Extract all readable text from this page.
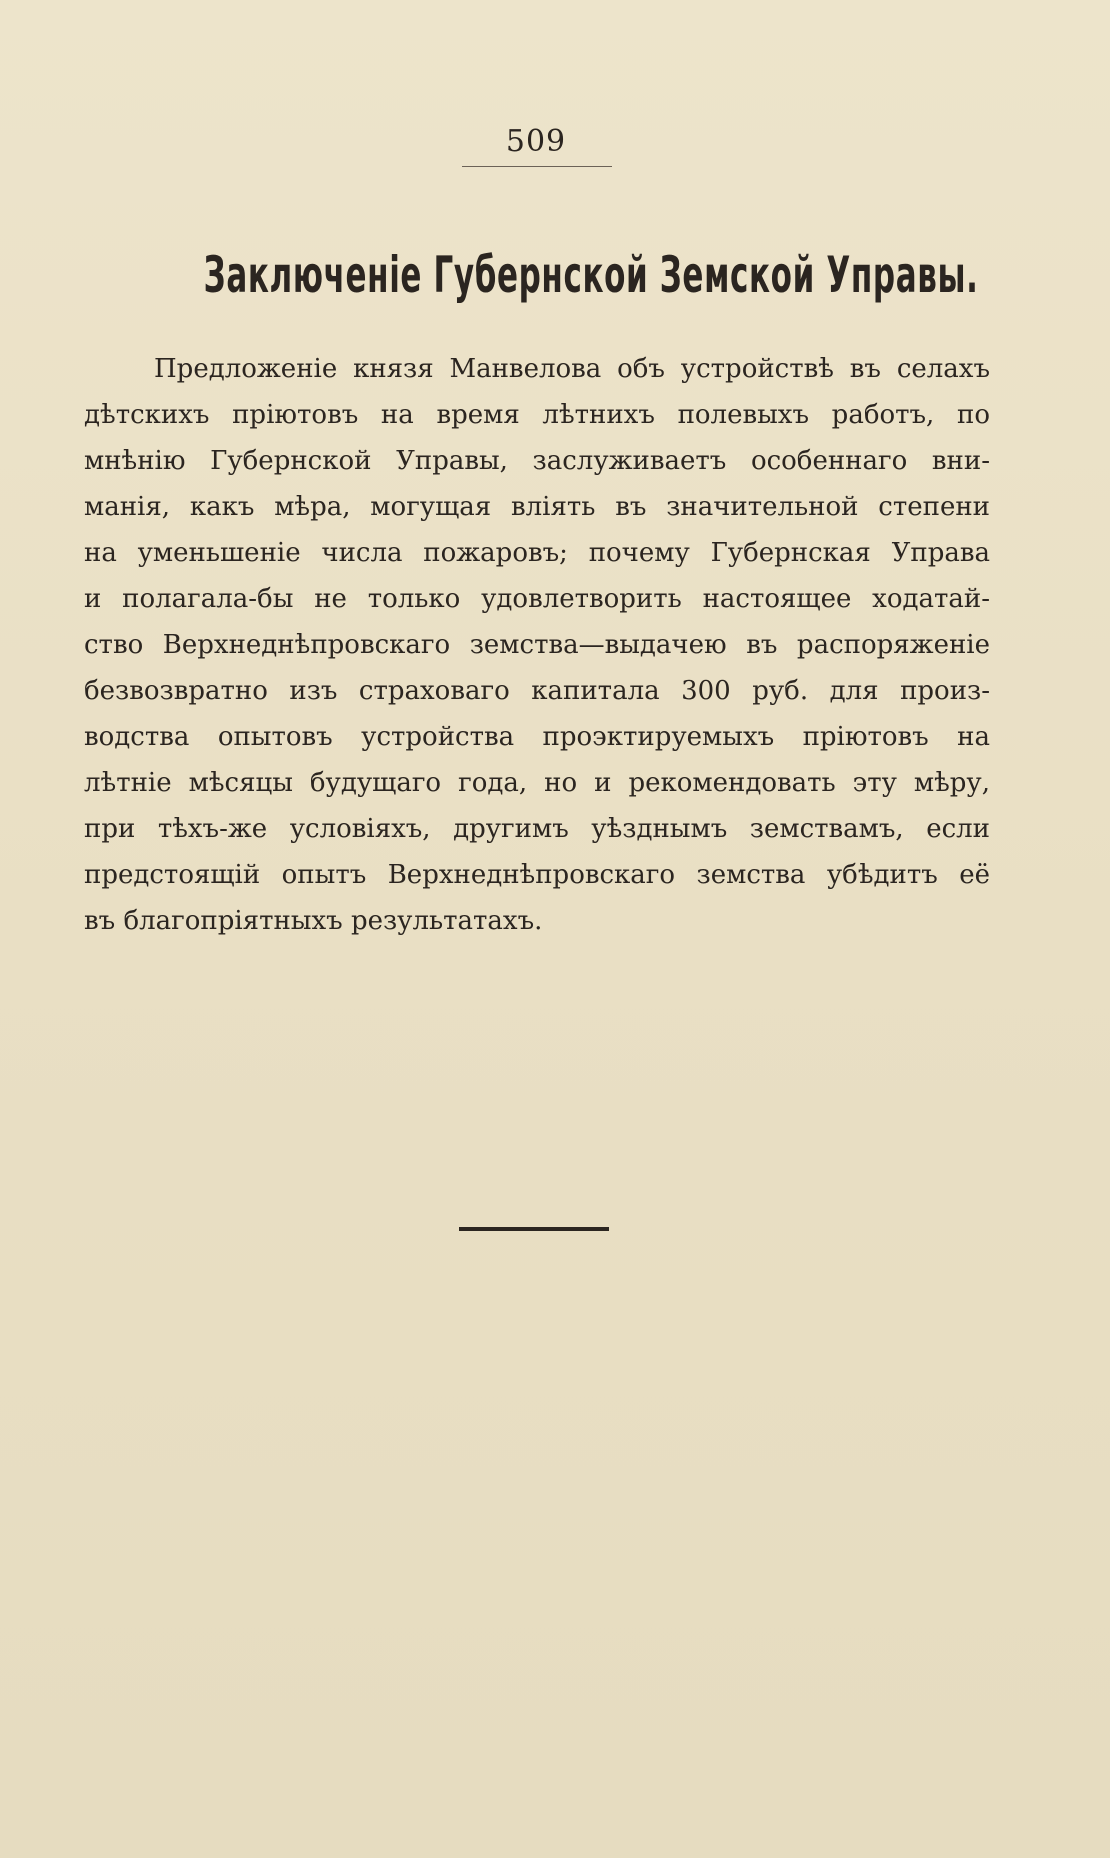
509
Заключеніе Губернской Земской Управы.
Предложеніе князя Манвелова объ устройствѣ въ селахъ
дѣтскихъ пріютовъ на время лѣтнихъ полевыхъ работъ, по
мнѣнію Губернской Управы, заслуживаетъ особеннаго вни-
манія, какъ мѣра, могущая вліять въ значительной степени
на уменьшеніе числа пожаровъ; почему Губернская Управа
и полагала-бы не только удовлетворить настоящее ходатай-
ство Верхнеднѣпровскаго земства—выдачею въ распоряженіе
безвозвратно изъ страховаго капитала 300 руб. для произ-
водства опытовъ устройства проэктируемыхъ пріютовъ на
лѣтніе мѣсяцы будущаго года, но и рекомендовать эту мѣру,
при тѣхъ-же условіяхъ, другимъ уѣзднымъ земствамъ, если
предстоящій опытъ Верхнеднѣпровскаго земства убѣдитъ её
въ благопріятныхъ результатахъ.
